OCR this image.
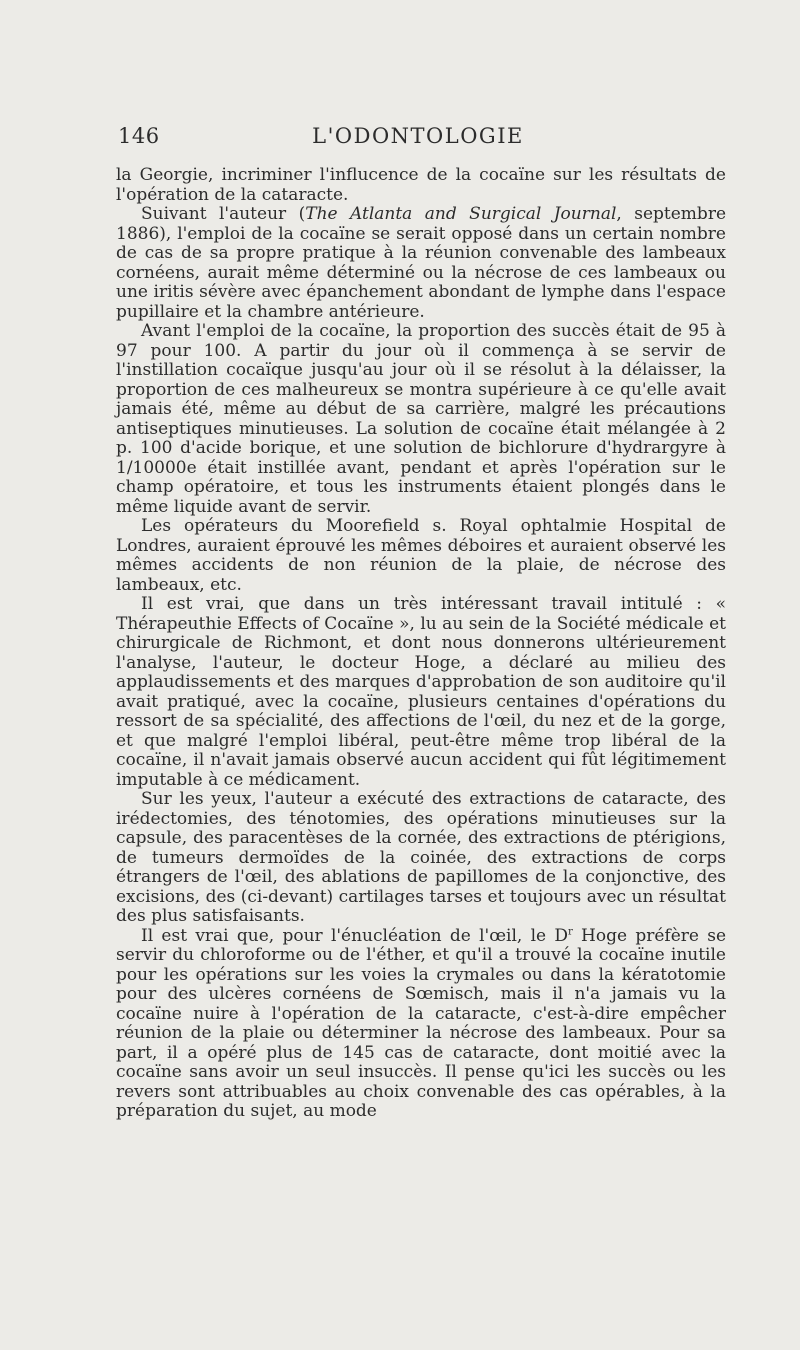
146	L'ODONTOLOGIE

la Georgie, incriminer l'influcence de la cocaïne sur les résultats de l'opération de la cataracte.

Suivant l'auteur (The Atlanta and Surgical Journal, septembre 1886), l'emploi de la cocaïne se serait opposé dans un certain nombre de cas de sa propre pratique à la réunion convenable des lambeaux cornéens, aurait même déterminé ou la nécrose de ces lambeaux ou une iritis sévère avec épanchement abondant de lymphe dans l'espace pupillaire et la chambre antérieure.

Avant l'emploi de la cocaïne, la proportion des succès était de 95 à 97 pour 100. A partir du jour où il commença à se servir de l'instillation cocaïque jusqu'au jour où il se résolut à la délaisser, la proportion de ces malheureux se montra supérieure à ce qu'elle avait jamais été, même au début de sa carrière, malgré les précautions antiseptiques minutieuses. La solution de cocaïne était mélangée à 2 p. 100 d'acide borique, et une solution de bichlorure d'hydrargyre à 1/10000e était instillée avant, pendant et après l'opération sur le champ opératoire, et tous les instruments étaient plongés dans le même liquide avant de servir.

Les opérateurs du Moorefield s. Royal ophtalmie Hospital de Londres, auraient éprouvé les mêmes déboires et auraient observé les mêmes accidents de non réunion de la plaie, de nécrose des lambeaux, etc.

Il est vrai, que dans un très intéressant travail intitulé : « Thérapeuthie Effects of Cocaïne », lu au sein de la Société médicale et chirurgicale de Richmont, et dont nous donnerons ultérieurement l'analyse, l'auteur, le docteur Hoge, a déclaré au milieu des applaudissements et des marques d'approbation de son auditoire qu'il avait pratiqué, avec la cocaïne, plusieurs centaines d'opérations du ressort de sa spécialité, des affections de l'œil, du nez et de la gorge, et que malgré l'emploi libéral, peut-être même trop libéral de la cocaïne, il n'avait jamais observé aucun accident qui fût légitimement imputable à ce médicament.

Sur les yeux, l'auteur a exécuté des extractions de cataracte, des irédectomies, des ténotomies, des opérations minutieuses sur la capsule, des paracentèses de la cornée, des extractions de ptérigions, de tumeurs dermoïdes de la coinée, des extractions de corps étrangers de l'œil, des ablations de papillomes de la conjonctive, des excisions, des (ci-devant) cartilages tarses et toujours avec un résultat des plus satisfaisants.

Il est vrai que, pour l'énucléation de l'œil, le $D^r$ Hoge préfère se servir du chloroforme ou de l'éther, et qu'il a trouvé la cocaïne inutile pour les opérations sur les voies la crymales ou dans la kératotomie pour des ulcères cornéens de Sœmisch, mais il n'a jamais vu la cocaïne nuire à l'opération de la cataracte, c'est-à-dire empêcher réunion de la plaie ou déterminer la nécrose des lambeaux. Pour sa part, il a opéré plus de 145 cas de cataracte, dont moitié avec la cocaïne sans avoir un seul insuccès. Il pense qu'ici les succès ou les revers sont attribuables au choix convenable des cas opérables, à la préparation du sujet, au mode
